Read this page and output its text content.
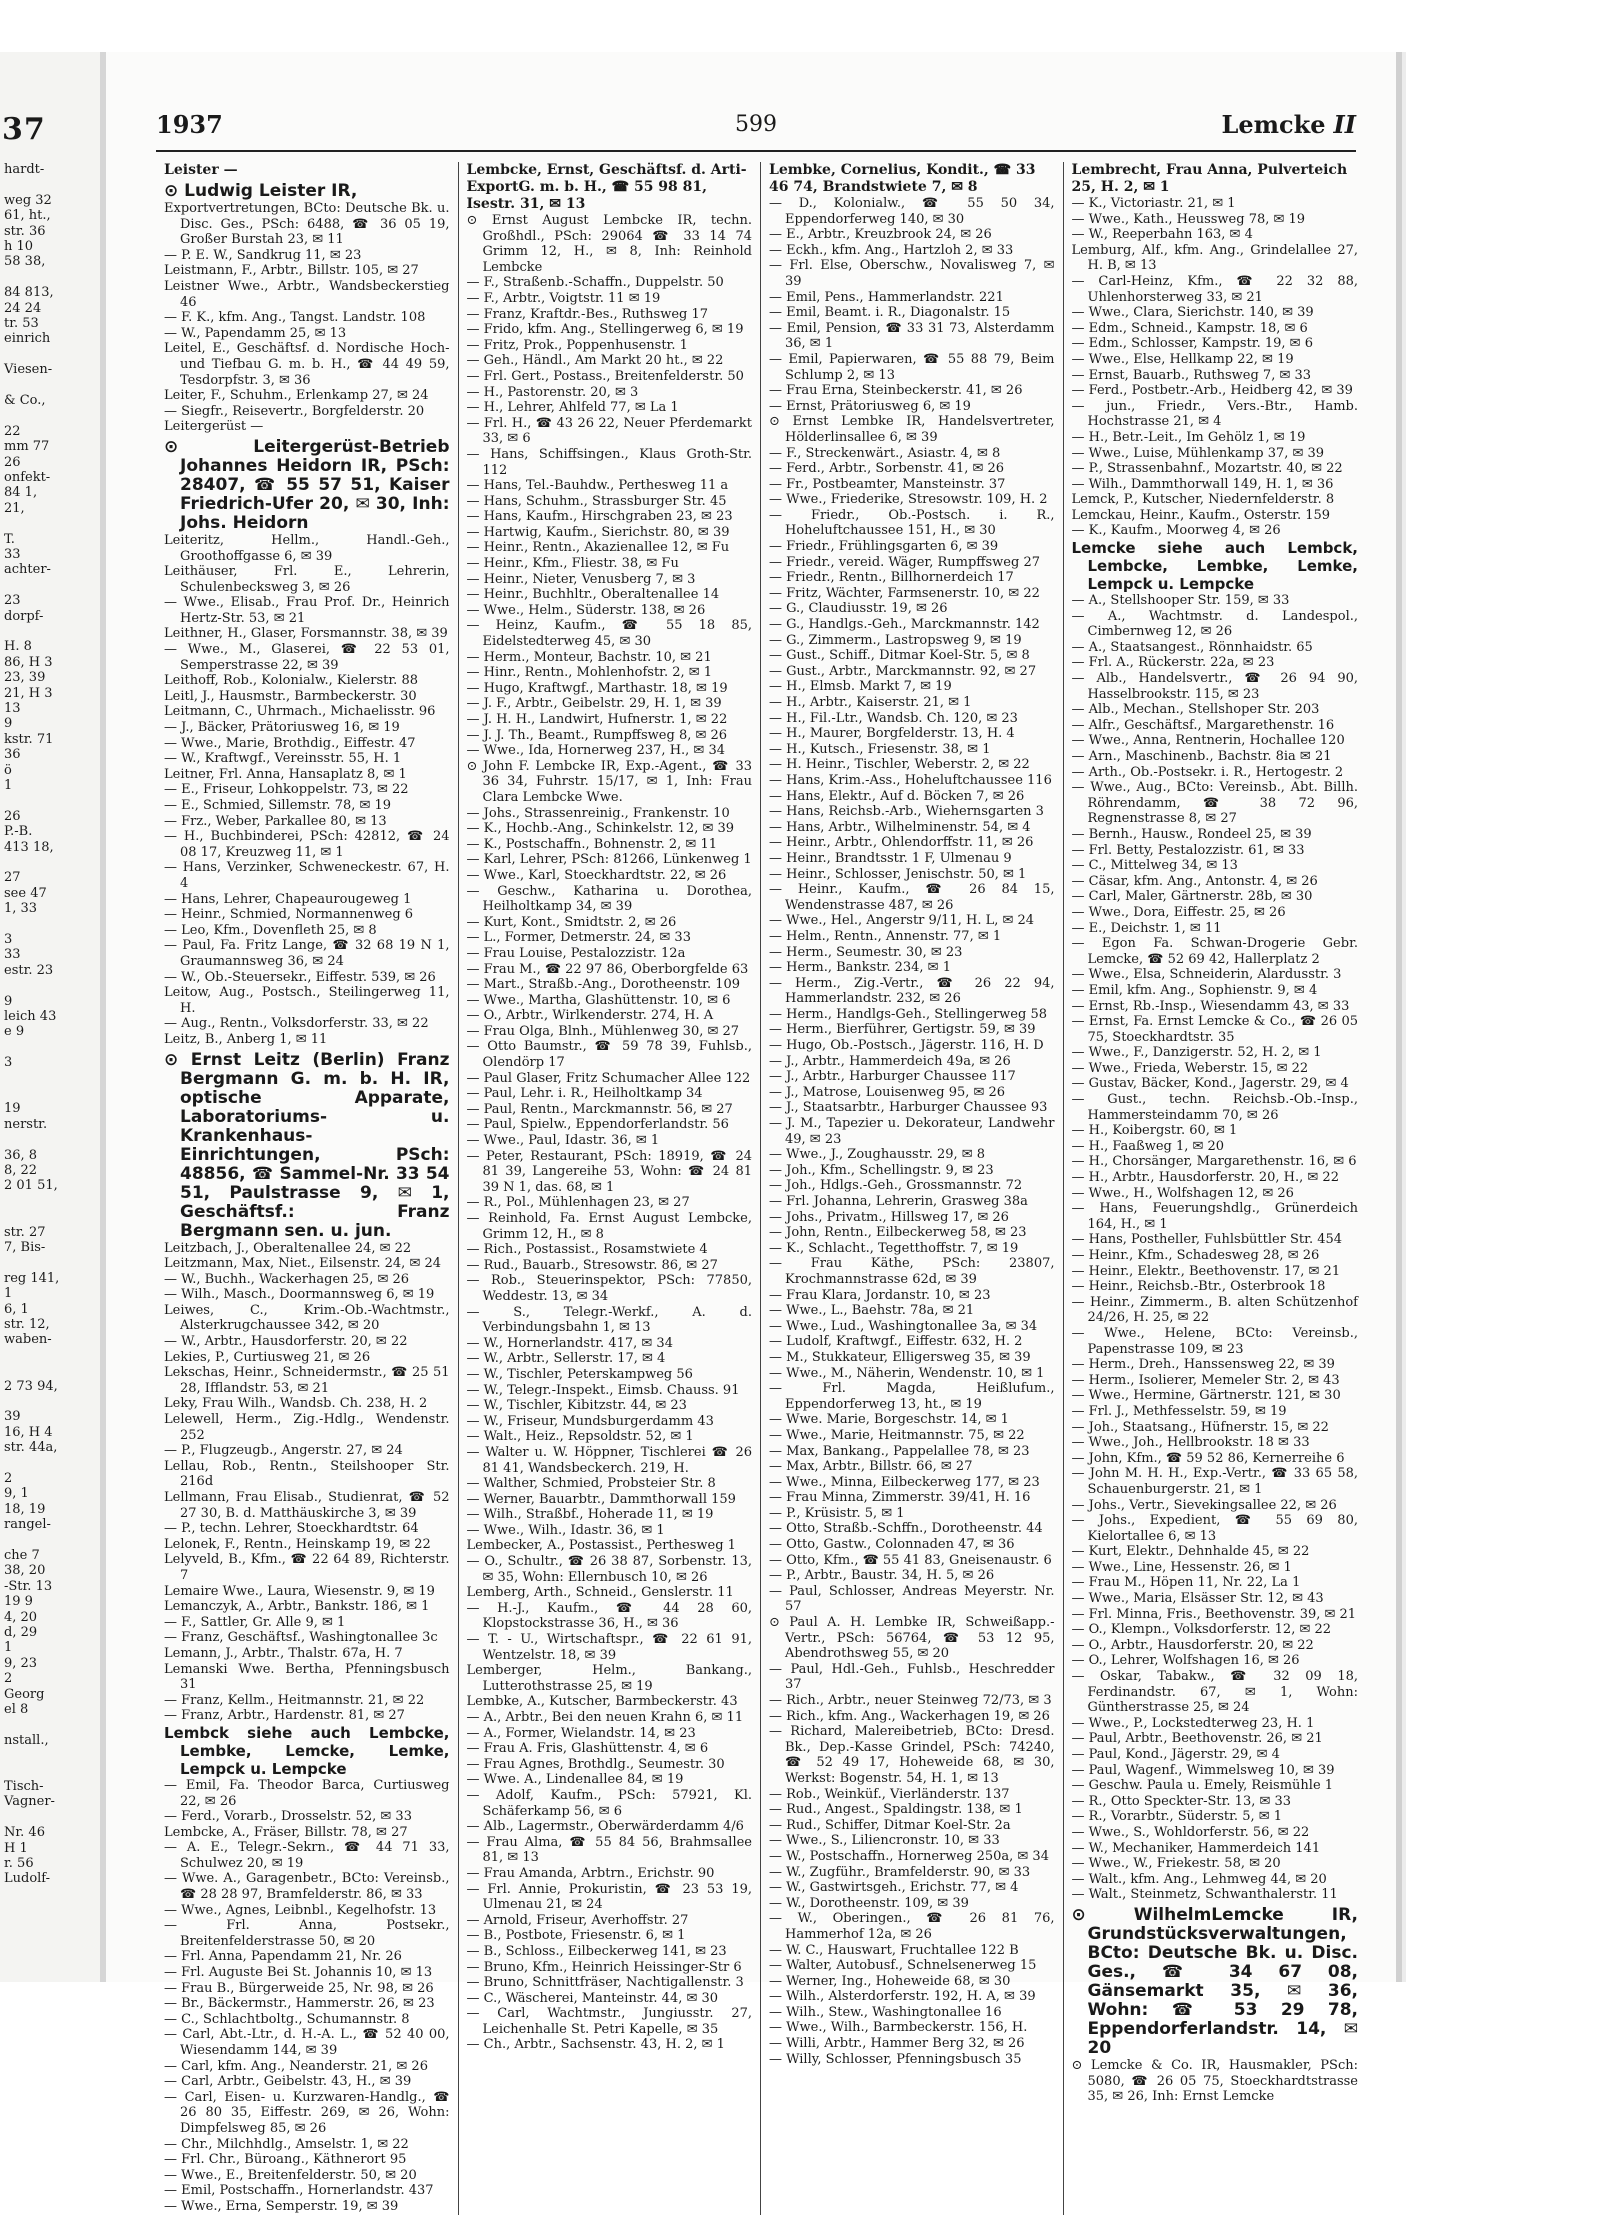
37
hardt-
weg 32
61, ht.,
str. 36
h 10
58 38,
84 813,
24 24
tr. 53
einrich
Viesen-
& Co.,
22
mm 77
26
onfekt-
84 1,
21,
T.
33
achter-
23
dorpf-
H. 8
86, H 3
23, 39
21, H 3
13
9
kstr. 71
36
ö
1
26
P.-B.
413 18,
27
see 47
1, 33
3
33
estr. 23
9
leich 43
e 9
3
19
nerstr.
36, 8
8, 22
2 01 51,
str. 27
7, Bis-
reg 141,
1
6, 1
str. 12,
waben-
2 73 94,
39
16, H 4
str. 44a,
2
9, 1
18, 19
rangel-
che 7
38, 20
-Str. 13
19 9
4, 20
d, 29
1
9, 23
2
Georg
el 8
nstall.,
Tisch-
Vagner-
Nr. 46
H 1
r. 56
Ludolf-
1937	599	Lemcke II
Leister —
⊙ Ludwig Leister IR,
Exportvertretungen, BCto: Deutsche Bk. u. Disc. Ges., PSch: 6488, ☎ 36 05 19, Großer Burstah 23, ✉ 11
— P. E. W., Sandkrug 11, ✉ 23
Leistmann, F., Arbtr., Billstr. 105, ✉ 27
Leistner Wwe., Arbtr., Wandsbeckerstieg 46
— F. K., kfm. Ang., Tangst. Landstr. 108
— W., Papendamm 25, ✉ 13
Leitel, E., Geschäftsf. d. Nordische Hoch- und Tiefbau G. m. b. H., ☎ 44 49 59, Tesdorpfstr. 3, ✉ 36
Leiter, F., Schuhm., Erlenkamp 27, ✉ 24
— Siegfr., Reisevertr., Borgfelderstr. 20
Leitergerüst —
⊙ Leitergerüst-Betrieb Johannes Heidorn IR, PSch: 28407, ☎ 55 57 51, Kaiser Friedrich-Ufer 20, ✉ 30, Inh: Johs. Heidorn
Leiteritz, Hellm., Handl.-Geh., Groothoffgasse 6, ✉ 39
Leithäuser, Frl. E., Lehrerin, Schulenbecksweg 3, ✉ 26
— Wwe., Elisab., Frau Prof. Dr., Heinrich Hertz-Str. 53, ✉ 21
Leithner, H., Glaser, Forsmannstr. 38, ✉ 39
— Wwe., M., Glaserei, ☎ 22 53 01, Semperstrasse 22, ✉ 39
Leithoff, Rob., Kolonialw., Kielerstr. 88
Leitl, J., Hausmstr., Barmbeckerstr. 30
Leitmann, C., Uhrmach., Michaelisstr. 96
— J., Bäcker, Prätoriusweg 16, ✉ 19
— Wwe., Marie, Brothdig., Eiffestr. 47
— W., Kraftwgf., Vereinsstr. 55, H. 1
Leitner, Frl. Anna, Hansaplatz 8, ✉ 1
— E., Friseur, Lohkoppelstr. 73, ✉ 22
— E., Schmied, Sillemstr. 78, ✉ 19
— Frz., Weber, Parkallee 80, ✉ 13
— H., Buchbinderei, PSch: 42812, ☎ 24 08 17, Kreuzweg 11, ✉ 1
— Hans, Verzinker, Schweneckestr. 67, H. 4
— Hans, Lehrer, Chapeaurougeweg 1
— Heinr., Schmied, Normannenweg 6
— Leo, Kfm., Dovenfleth 25, ✉ 8
— Paul, Fa. Fritz Lange, ☎ 32 68 19 N 1, Graumannsweg 36, ✉ 24
— W., Ob.-Steuersekr., Eiffestr. 539, ✉ 26
Leitow, Aug., Postsch., Steilingerweg 11, H.
— Aug., Rentn., Volksdorferstr. 33, ✉ 22
Leitz, B., Anberg 1, ✉ 11
⊙ Ernst Leitz (Berlin) Franz Bergmann G. m. b. H. IR, optische Apparate, Laboratoriums- u. Krankenhaus-Einrichtungen, PSch: 48856, ☎ Sammel-Nr. 33 54 51, Paulstrasse 9, ✉ 1, Geschäftsf.: Franz Bergmann sen. u. jun.
Leitzbach, J., Oberaltenallee 24, ✉ 22
Leitzmann, Max, Niet., Eilsenstr. 24, ✉ 24
— W., Buchh., Wackerhagen 25, ✉ 26
— Wilh., Masch., Doormannsweg 6, ✉ 19
Leiwes, C., Krim.-Ob.-Wachtmstr., Alsterkrugchaussee 342, ✉ 20
— W., Arbtr., Hausdorferstr. 20, ✉ 22
Lekies, P., Curtiusweg 21, ✉ 26
Lekschas, Heinr., Schneidermstr., ☎ 25 51 28, Ifflandstr. 53, ✉ 21
Leky, Frau Wilh., Wandsb. Ch. 238, H. 2
Lelewell, Herm., Zig.-Hdlg., Wendenstr. 252
— P., Flugzeugb., Angerstr. 27, ✉ 24
Lellau, Rob., Rentn., Steilshooper Str. 216d
Lellmann, Frau Elisab., Studienrat, ☎ 52 27 30, B. d. Matthäuskirche 3, ✉ 39
— P., techn. Lehrer, Stoeckhardtstr. 64
Lelonek, F., Rentn., Heinskamp 19, ✉ 22
Lelyveld, B., Kfm., ☎ 22 64 89, Richterstr. 7
Lemaire Wwe., Laura, Wiesenstr. 9, ✉ 19
Lemanczyk, A., Arbtr., Bankstr. 186, ✉ 1
— F., Sattler, Gr. Alle 9, ✉ 1
— Franz, Geschäftsf., Washingtonallee 3c
Lemann, J., Arbtr., Thalstr. 67a, H. 7
Lemanski Wwe. Bertha, Pfenningsbusch 31
— Franz, Kellm., Heitmannstr. 21, ✉ 22
— Franz, Arbtr., Hardenstr. 81, ✉ 27
Lembck siehe auch Lembcke, Lembke, Lemcke, Lemke, Lempck u. Lempcke
— Emil, Fa. Theodor Barca, Curtiusweg 22, ✉ 26
— Ferd., Vorarb., Drosselstr. 52, ✉ 33
Lembcke, A., Fräser, Billstr. 78, ✉ 27
— A. E., Telegr.-Sekrn., ☎ 44 71 33, Schulwez 20, ✉ 19
— Wwe. A., Garagenbetr., BCto: Vereinsb., ☎ 28 28 97, Bramfelderstr. 86, ✉ 33
— Wwe., Agnes, Leibnbl., Kegelhofstr. 13
— Frl. Anna, Postsekr., Breitenfelderstrasse 50, ✉ 20
— Frl. Anna, Papendamm 21, Nr. 26
— Frl. Auguste Bei St. Johannis 10, ✉ 13
— Frau B., Bürgerweide 25, Nr. 98, ✉ 26
— Br., Bäckermstr., Hammerstr. 26, ✉ 23
— C., Schlachtboltg., Schumannstr. 8
— Carl, Abt.-Ltr., d. H.-A. L., ☎ 52 40 00, Wiesendamm 144, ✉ 39
— Carl, kfm. Ang., Neanderstr. 21, ✉ 26
— Carl, Arbtr., Geibelstr. 43, H., ✉ 39
— Carl, Eisen- u. Kurzwaren-Handlg., ☎ 26 80 35, Eiffestr. 269, ✉ 26, Wohn: Dimpfelsweg 85, ✉ 26
— Chr., Milchhdlg., Amselstr. 1, ✉ 22
— Frl. Chr., Büroang., Käthnerort 95
— Wwe., E., Breitenfelderstr. 50, ✉ 20
— Emil, Postschaffn., Hornerlandstr. 437
— Wwe., Erna, Semperstr. 19, ✉ 39
Lembcke, Ernst, Geschäftsf. d. Arti-ExportG. m. b. H., ☎ 55 98 81, Isestr. 31, ✉ 13
⊙ Ernst August Lembcke IR, techn. Großhdl., PSch: 29064 ☎ 33 14 74 Grimm 12, H., ✉ 8, Inh: Reinhold Lembcke
— F., Straßenb.-Schaffn., Duppelstr. 50
— F., Arbtr., Voigtstr. 11 ✉ 19
— Franz, Kraftdr.-Bes., Ruthsweg 17
— Frido, kfm. Ang., Stellingerweg 6, ✉ 19
— Fritz, Prok., Poppenhusenstr. 1
— Geh., Händl., Am Markt 20 ht., ✉ 22
— Frl. Gert., Postass., Breitenfelderstr. 50
— H., Pastorenstr. 20, ✉ 3
— H., Lehrer, Ahlfeld 77, ✉ La 1
— Frl. H., ☎ 43 26 22, Neuer Pferdemarkt 33, ✉ 6
— Hans, Schiffsingen., Klaus Groth-Str. 112
— Hans, Tel.-Bauhdw., Perthesweg 11 a
— Hans, Schuhm., Strassburger Str. 45
— Hans, Kaufm., Hirschgraben 23, ✉ 23
— Hartwig, Kaufm., Sierichstr. 80, ✉ 39
— Heinr., Rentn., Akazienallee 12, ✉ Fu
— Heinr., Kfm., Fliestr. 38, ✉ Fu
— Heinr., Nieter, Venusberg 7, ✉ 3
— Heinr., Buchhltr., Oberaltenallee 14
— Wwe., Helm., Süderstr. 138, ✉ 26
— Heinz, Kaufm., ☎ 55 18 85, Eidelstedterweg 45, ✉ 30
— Herm., Monteur, Bachstr. 10, ✉ 21
— Hinr., Rentn., Mohlenhofstr. 2, ✉ 1
— Hugo, Kraftwgf., Marthastr. 18, ✉ 19
— J. F., Arbtr., Geibelstr. 29, H. 1, ✉ 39
— J. H. H., Landwirt, Hufnerstr. 1, ✉ 22
— J. J. Th., Beamt., Rumpffsweg 8, ✉ 26
— Wwe., Ida, Hornerweg 237, H., ✉ 34
⊙ John F. Lembcke IR, Exp.-Agent., ☎ 33 36 34, Fuhrstr. 15/17, ✉ 1, Inh: Frau Clara Lembcke Wwe.
— Johs., Strassenreinig., Frankenstr. 10
— K., Hochb.-Ang., Schinkelstr. 12, ✉ 39
— K., Postschaffn., Bohnenstr. 2, ✉ 11
— Karl, Lehrer, PSch: 81266, Lünkenweg 1
— Wwe., Karl, Stoeckhardtstr. 22, ✉ 26
— Geschw., Katharina u. Dorothea, Heilholtkamp 34, ✉ 39
— Kurt, Kont., Smidtstr. 2, ✉ 26
— L., Former, Detmerstr. 24, ✉ 33
— Frau Louise, Pestalozzistr. 12a
— Frau M., ☎ 22 97 86, Oberborgfelde 63
— Mart., Straßb.-Ang., Dorotheenstr. 109
— Wwe., Martha, Glashüttenstr. 10, ✉ 6
— O., Arbtr., Wirlkenderstr. 274, H. A
— Frau Olga, Blnh., Mühlenweg 30, ✉ 27
— Otto Baumstr., ☎ 59 78 39, Fuhlsb., Olendörp 17
— Paul Glaser, Fritz Schumacher Allee 122
— Paul, Lehr. i. R., Heilholtkamp 34
— Paul, Rentn., Marckmannstr. 56, ✉ 27
— Paul, Spielw., Eppendorferlandstr. 56
— Wwe., Paul, Idastr. 36, ✉ 1
— Peter, Restaurant, PSch: 18919, ☎ 24 81 39, Langereihe 53, Wohn: ☎ 24 81 39 N 1, das. 68, ✉ 1
— R., Pol., Mühlenhagen 23, ✉ 27
— Reinhold, Fa. Ernst August Lembcke, Grimm 12, H., ✉ 8
— Rich., Postassist., Rosamstwiete 4
— Rud., Bauarb., Stresowstr. 86, ✉ 27
— Rob., Steuerinspektor, PSch: 77850, Weddestr. 13, ✉ 34
— S., Telegr.-Werkf., A. d. Verbindungsbahn 1, ✉ 13
— W., Hornerlandstr. 417, ✉ 34
— W., Arbtr., Sellerstr. 17, ✉ 4
— W., Tischler, Peterskampweg 56
— W., Telegr.-Inspekt., Eimsb. Chauss. 91
— W., Tischler, Kibitzstr. 44, ✉ 23
— W., Friseur, Mundsburgerdamm 43
— Walt., Heiz., Repsoldstr. 52, ✉ 1
— Walter u. W. Höppner, Tischlerei ☎ 26 81 41, Wandsbeckerch. 219, H.
— Walther, Schmied, Probsteier Str. 8
— Werner, Bauarbtr., Dammthorwall 159
— Wilh., Straßbf., Hoherade 11, ✉ 19
— Wwe., Wilh., Idastr. 36, ✉ 1
Lembecker, A., Postassist., Perthesweg 1
— O., Schultr., ☎ 26 38 87, Sorbenstr. 13, ✉ 35, Wohn: Ellernbusch 10, ✉ 26
Lemberg, Arth., Schneid., Genslerstr. 11
— H.-J., Kaufm., ☎ 44 28 60, Klopstockstrasse 36, H., ✉ 36
— T. - U., Wirtschaftspr., ☎ 22 61 91, Wentzelstr. 18, ✉ 39
Lemberger, Helm., Bankang., Lutterothstrasse 25, ✉ 19
Lembke, A., Kutscher, Barmbeckerstr. 43
— A., Arbtr., Bei den neuen Krahn 6, ✉ 11
— A., Former, Wielandstr. 14, ✉ 23
— Frau A. Fris, Glashüttenstr. 4, ✉ 6
— Frau Agnes, Brothdlg., Seumestr. 30
— Wwe. A., Lindenallee 84, ✉ 19
— Adolf, Kaufm., PSch: 57921, Kl. Schäferkamp 56, ✉ 6
— Alb., Lagermstr., Oberwärderdamm 4/6
— Frau Alma, ☎ 55 84 56, Brahmsallee 81, ✉ 13
— Frau Amanda, Arbtrn., Erichstr. 90
— Frl. Annie, Prokuristin, ☎ 23 53 19, Ulmenau 21, ✉ 24
— Arnold, Friseur, Averhoffstr. 27
— B., Postbote, Friesenstr. 6, ✉ 1
— B., Schloss., Eilbeckerweg 141, ✉ 23
— Bruno, Kfm., Heinrich Heissinger-Str 6
— Bruno, Schnittfräser, Nachtigallenstr. 3
— C., Wäscherei, Manteinstr. 44, ✉ 30
— Carl, Wachtmstr., Jungiusstr. 27, Leichenhalle St. Petri Kapelle, ✉ 35
— Ch., Arbtr., Sachsenstr. 43, H. 2, ✉ 1
Lembke, Cornelius, Kondit., ☎ 33 46 74, Brandstwiete 7, ✉ 8
— D., Kolonialw., ☎ 55 50 34, Eppendorferweg 140, ✉ 30
— E., Arbtr., Kreuzbrook 24, ✉ 26
— Eckh., kfm. Ang., Hartzloh 2, ✉ 33
— Frl. Else, Oberschw., Novalisweg 7, ✉ 39
— Emil, Pens., Hammerlandstr. 221
— Emil, Beamt. i. R., Diagonalstr. 15
— Emil, Pension, ☎ 33 31 73, Alsterdamm 36, ✉ 1
— Emil, Papierwaren, ☎ 55 88 79, Beim Schlump 2, ✉ 13
— Frau Erna, Steinbeckerstr. 41, ✉ 26
— Ernst, Prätoriusweg 6, ✉ 19
⊙ Ernst Lembke IR, Handelsvertreter, Hölderlinsallee 6, ✉ 39
— F., Streckenwärt., Asiastr. 4, ✉ 8
— Ferd., Arbtr., Sorbenstr. 41, ✉ 26
— Fr., Postbeamter, Mansteinstr. 37
— Wwe., Friederike, Stresowstr. 109, H. 2
— Friedr., Ob.-Postsch. i. R., Hoheluftchaussee 151, H., ✉ 30
— Friedr., Frühlingsgarten 6, ✉ 39
— Friedr., vereid. Wäger, Rumpffsweg 27
— Friedr., Rentn., Billhornerdeich 17
— Fritz, Wächter, Farmsenerstr. 10, ✉ 22
— G., Claudiusstr. 19, ✉ 26
— G., Handlgs.-Geh., Marckmannstr. 142
— G., Zimmerm., Lastropsweg 9, ✉ 19
— Gust., Schiff., Ditmar Koel-Str. 5, ✉ 8
— Gust., Arbtr., Marckmannstr. 92, ✉ 27
— H., Elmsb. Markt 7, ✉ 19
— H., Arbtr., Kaiserstr. 21, ✉ 1
— H., Fil.-Ltr., Wandsb. Ch. 120, ✉ 23
— H., Maurer, Borgfelderstr. 13, H. 4
— H., Kutsch., Friesenstr. 38, ✉ 1
— H. Heinr., Tischler, Weberstr. 2, ✉ 22
— Hans, Krim.-Ass., Hoheluftchaussee 116
— Hans, Elektr., Auf d. Böcken 7, ✉ 26
— Hans, Reichsb.-Arb., Wiehernsgarten 3
— Hans, Arbtr., Wilhelminenstr. 54, ✉ 4
— Heinr., Arbtr., Ohlendorffstr. 11, ✉ 26
— Heinr., Brandtsstr. 1 F, Ulmenau 9
— Heinr., Schlosser, Jenischstr. 50, ✉ 1
— Heinr., Kaufm., ☎ 26 84 15, Wendenstrasse 487, ✉ 26
— Wwe., Hel., Angerstr 9/11, H. L, ✉ 24
— Helm., Rentn., Annenstr. 77, ✉ 1
— Herm., Seumestr. 30, ✉ 23
— Herm., Bankstr. 234, ✉ 1
— Herm., Zig.-Vertr., ☎ 26 22 94, Hammerlandstr. 232, ✉ 26
— Herm., Handlgs-Geh., Stellingerweg 58
— Herm., Bierführer, Gertigstr. 59, ✉ 39
— Hugo, Ob.-Postsch., Jägerstr. 116, H. D
— J., Arbtr., Hammerdeich 49a, ✉ 26
— J., Arbtr., Harburger Chaussee 117
— J., Matrose, Louisenweg 95, ✉ 26
— J., Staatsarbtr., Harburger Chaussee 93
— J. M., Tapezier u. Dekorateur, Landwehr 49, ✉ 23
— Wwe., J., Zoughausstr. 29, ✉ 8
— Joh., Kfm., Schellingstr. 9, ✉ 23
— Joh., Hdlgs.-Geh., Grossmannstr. 72
— Frl. Johanna, Lehrerin, Grasweg 38a
— Johs., Privatm., Hillsweg 17, ✉ 26
— John, Rentn., Eilbeckerweg 58, ✉ 23
— K., Schlacht., Tegetthoffstr. 7, ✉ 19
— Frau Käthe, PSch: 23807, Krochmannstrasse 62d, ✉ 39
— Frau Klara, Jordanstr. 10, ✉ 23
— Wwe., L., Baehstr. 78a, ✉ 21
— Wwe., Lud., Washingtonallee 3a, ✉ 34
— Ludolf, Kraftwgf., Eiffestr. 632, H. 2
— M., Stukkateur, Elligersweg 35, ✉ 39
— Wwe., M., Näherin, Wendenstr. 10, ✉ 1
— Frl. Magda, Heißlufum., Eppendorferweg 13, ht., ✉ 19
— Wwe. Marie, Borgeschstr. 14, ✉ 1
— Wwe., Marie, Heitmannstr. 75, ✉ 22
— Max, Bankang., Pappelallee 78, ✉ 23
— Max, Arbtr., Billstr. 66, ✉ 27
— Wwe., Minna, Eilbeckerweg 177, ✉ 23
— Frau Minna, Zimmerstr. 39/41, H. 16
— P., Krüsistr. 5, ✉ 1
— Otto, Straßb.-Schffn., Dorotheenstr. 44
— Otto, Gastw., Colonnaden 47, ✉ 36
— Otto, Kfm., ☎ 55 41 83, Gneisenaustr. 6
— P., Arbtr., Baustr. 34, H. 5, ✉ 26
— Paul, Schlosser, Andreas Meyerstr. Nr. 57
⊙ Paul A. H. Lembke IR, Schweißapp.-Vertr., PSch: 56764, ☎ 53 12 95, Abendrothsweg 55, ✉ 20
— Paul, Hdl.-Geh., Fuhlsb., Heschredder 37
— Rich., Arbtr., neuer Steinweg 72/73, ✉ 3
— Rich., kfm. Ang., Wackerhagen 19, ✉ 26
— Richard, Malereibetrieb, BCto: Dresd. Bk., Dep.-Kasse Grindel, PSch: 74240, ☎ 52 49 17, Hoheweide 68, ✉ 30, Werkst: Bogenstr. 54, H. 1, ✉ 13
— Rob., Weinküf., Vierländerstr. 137
— Rud., Angest., Spaldingstr. 138, ✉ 1
— Rud., Schiffer, Ditmar Koel-Str. 2a
— Wwe., S., Liliencronstr. 10, ✉ 33
— W., Postschaffn., Hornerweg 250a, ✉ 34
— W., Zugführ., Bramfelderstr. 90, ✉ 33
— W., Gastwirtsgeh., Erichstr. 77, ✉ 4
— W., Dorotheenstr. 109, ✉ 39
— W., Oberingen., ☎ 26 81 76, Hammerhof 12a, ✉ 26
— W. C., Hauswart, Fruchtallee 122 B
— Walter, Autobusf., Schnelsenerweg 15
— Werner, Ing., Hoheweide 68, ✉ 30
— Wilh., Alsterdorferstr. 192, H. A, ✉ 39
— Wilh., Stew., Washingtonallee 16
— Wwe., Wilh., Barmbeckerstr. 156, H.
— Willi, Arbtr., Hammer Berg 32, ✉ 26
— Willy, Schlosser, Pfenningsbusch 35
Lembrecht, Frau Anna, Pulverteich 25, H. 2, ✉ 1
— K., Victoriastr. 21, ✉ 1
— Wwe., Kath., Heussweg 78, ✉ 19
— W., Reeperbahn 163, ✉ 4
Lemburg, Alf., kfm. Ang., Grindelallee 27, H. B, ✉ 13
— Carl-Heinz, Kfm., ☎ 22 32 88, Uhlenhorsterweg 33, ✉ 21
— Wwe., Clara, Sierichstr. 140, ✉ 39
— Edm., Schneid., Kampstr. 18, ✉ 6
— Edm., Schlosser, Kampstr. 19, ✉ 6
— Wwe., Else, Hellkamp 22, ✉ 19
— Ernst, Bauarb., Ruthsweg 7, ✉ 33
— Ferd., Postbetr.-Arb., Heidberg 42, ✉ 39
— jun., Friedr., Vers.-Btr., Hamb. Hochstrasse 21, ✉ 4
— H., Betr.-Leit., Im Gehölz 1, ✉ 19
— Wwe., Luise, Mühlenkamp 37, ✉ 39
— P., Strassenbahnf., Mozartstr. 40, ✉ 22
— Wilh., Dammthorwall 149, H. 1, ✉ 36
Lemck, P., Kutscher, Niedernfelderstr. 8
Lemckau, Heinr., Kaufm., Osterstr. 159
— K., Kaufm., Moorweg 4, ✉ 26
Lemcke siehe auch Lembck, Lembcke, Lembke, Lemke, Lempck u. Lempcke
— A., Stellshooper Str. 159, ✉ 33
— A., Wachtmstr. d. Landespol., Cimbernweg 12, ✉ 26
— A., Staatsangest., Rönnhaidstr. 65
— Frl. A., Rückerstr. 22a, ✉ 23
— Alb., Handelsvertr., ☎ 26 94 90, Hasselbrookstr. 115, ✉ 23
— Alb., Mechan., Stellshoper Str. 203
— Alfr., Geschäftsf., Margarethenstr. 16
— Wwe., Anna, Rentnerin, Hochallee 120
— Arn., Maschinenb., Bachstr. 8ia ✉ 21
— Arth., Ob.-Postsekr. i. R., Hertogestr. 2
— Wwe., Aug., BCto: Vereinsb., Abt. Billh. Röhrendamm, ☎ 38 72 96, Regnenstrasse 8, ✉ 27
— Bernh., Hausw., Rondeel 25, ✉ 39
— Frl. Betty, Pestalozzistr. 61, ✉ 33
— C., Mittelweg 34, ✉ 13
— Cäsar, kfm. Ang., Antonstr. 4, ✉ 26
— Carl, Maler, Gärtnerstr. 28b, ✉ 30
— Wwe., Dora, Eiffestr. 25, ✉ 26
— E., Deichstr. 1, ✉ 11
— Egon Fa. Schwan-Drogerie Gebr. Lemcke, ☎ 52 69 42, Hallerplatz 2
— Wwe., Elsa, Schneiderin, Alardusstr. 3
— Emil, kfm. Ang., Sophienstr. 9, ✉ 4
— Ernst, Rb.-Insp., Wiesendamm 43, ✉ 33
— Ernst, Fa. Ernst Lemcke & Co., ☎ 26 05 75, Stoeckhardtstr. 35
— Wwe., F., Danzigerstr. 52, H. 2, ✉ 1
— Wwe., Frieda, Weberstr. 15, ✉ 22
— Gustav, Bäcker, Kond., Jagerstr. 29, ✉ 4
— Gust., techn. Reichsb.-Ob.-Insp., Hammersteindamm 70, ✉ 26
— H., Koibergstr. 60, ✉ 1
— H., Faaßweg 1, ✉ 20
— H., Chorsänger, Margarethenstr. 16, ✉ 6
— H., Arbtr., Hausdorferstr. 20, H., ✉ 22
— Wwe., H., Wolfshagen 12, ✉ 26
— Hans, Feuerungshdlg., Grünerdeich 164, H., ✉ 1
— Hans, Postheller, Fuhlsbüttler Str. 454
— Heinr., Kfm., Schadesweg 28, ✉ 26
— Heinr., Elektr., Beethovenstr. 17, ✉ 21
— Heinr., Reichsb.-Btr., Osterbrook 18
— Heinr., Zimmerm., B. alten Schützenhof 24/26, H. 25, ✉ 22
— Wwe., Helene, BCto: Vereinsb., Papenstrasse 109, ✉ 23
— Herm., Dreh., Hanssensweg 22, ✉ 39
— Herm., Isolierer, Memeler Str. 2, ✉ 43
— Wwe., Hermine, Gärtnerstr. 121, ✉ 30
— Frl. J., Methfesselstr. 59, ✉ 19
— Joh., Staatsang., Hüfnerstr. 15, ✉ 22
— Wwe., Joh., Hellbrookstr. 18 ✉ 33
— John, Kfm., ☎ 59 52 86, Kernerreihe 6
— John M. H. H., Exp.-Vertr., ☎ 33 65 58, Schauenburgerstr. 21, ✉ 1
— Johs., Vertr., Sievekingsallee 22, ✉ 26
— Johs., Expedient, ☎ 55 69 80, Kielortallee 6, ✉ 13
— Kurt, Elektr., Dehnhalde 45, ✉ 22
— Wwe., Line, Hessenstr. 26, ✉ 1
— Frau M., Höpen 11, Nr. 22, La 1
— Wwe., Maria, Elsässer Str. 12, ✉ 43
— Frl. Minna, Fris., Beethovenstr. 39, ✉ 21
— O., Klempn., Volksdorferstr. 12, ✉ 22
— O., Arbtr., Hausdorferstr. 20, ✉ 22
— O., Lehrer, Wolfshagen 16, ✉ 26
— Oskar, Tabakw., ☎ 32 09 18, Ferdinandstr. 67, ✉ 1, Wohn: Güntherstrasse 25, ✉ 24
— Wwe., P., Lockstedterweg 23, H. 1
— Paul, Arbtr., Beethovenstr. 26, ✉ 21
— Paul, Kond., Jägerstr. 29, ✉ 4
— Paul, Wagenf., Wimmelsweg 10, ✉ 39
— Geschw. Paula u. Emely, Reismühle 1
— R., Otto Speckter-Str. 13, ✉ 33
— R., Vorarbtr., Süderstr. 5, ✉ 1
— Wwe., S., Wohldorferstr. 56, ✉ 22
— W., Mechaniker, Hammerdeich 141
— Wwe., W., Friekestr. 58, ✉ 20
— Walt., kfm. Ang., Lehmweg 44, ✉ 20
— Walt., Steinmetz, Schwanthalerstr. 11
⊙ WilhelmLemcke IR, Grundstücksverwaltungen, BCto: Deutsche Bk. u. Disc. Ges., ☎ 34 67 08, Gänsemarkt 35, ✉ 36, Wohn: ☎ 53 29 78, Eppendorferlandstr. 14, ✉ 20
⊙ Lemcke & Co. IR, Hausmakler, PSch: 5080, ☎ 26 05 75, Stoeckhardtstrasse 35, ✉ 26, Inh: Ernst Lemcke
